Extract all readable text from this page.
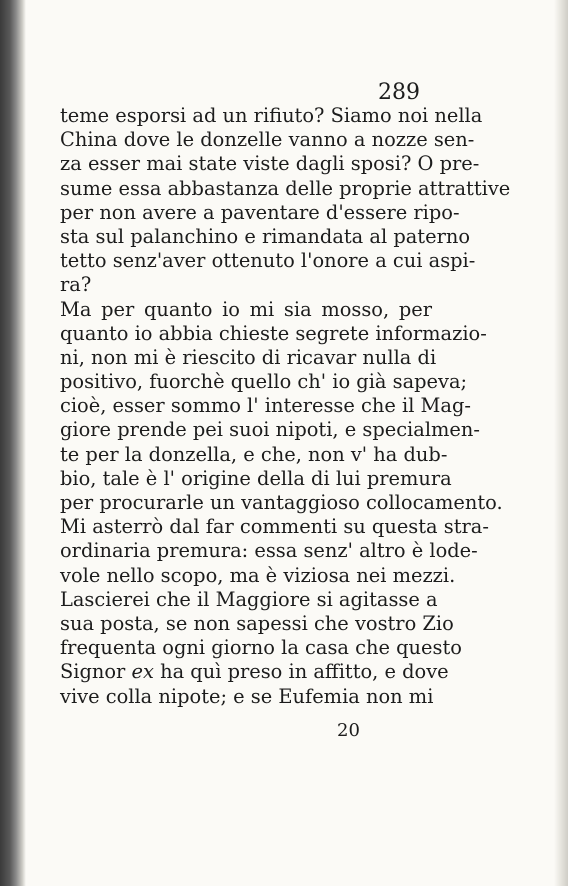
289
teme esporsi ad un rifiuto? Siamo noi nella
China dove le donzelle vanno a nozze sen-
za esser mai state viste dagli sposi? O pre-
sume essa abbastanza delle proprie attrattive
per non avere a paventare d'essere ripo-
sta sul palanchino e rimandata al paterno
tetto senz'aver ottenuto l'onore a cui aspi-
ra?
Ma per quanto io mi sia mosso, per
quanto io abbia chieste segrete informazio-
ni, non mi è riescito di ricavar nulla di
positivo, fuorchè quello ch' io già sapeva;
cioè, esser sommo l' interesse che il Mag-
giore prende pei suoi nipoti, e specialmen-
te per la donzella, e che, non v' ha dub-
bio, tale è l' origine della di lui premura
per procurarle un vantaggioso collocamento.
Mi asterrò dal far commenti su questa stra-
ordinaria premura: essa senz' altro è lode-
vole nello scopo, ma è viziosa nei mezzi.
Lascierei che il Maggiore si agitasse a
sua posta, se non sapessi che vostro Zio
frequenta ogni giorno la casa che questo
Signor ex ha quì preso in affitto, e dove
vive colla nipote; e se Eufemia non mi
20
